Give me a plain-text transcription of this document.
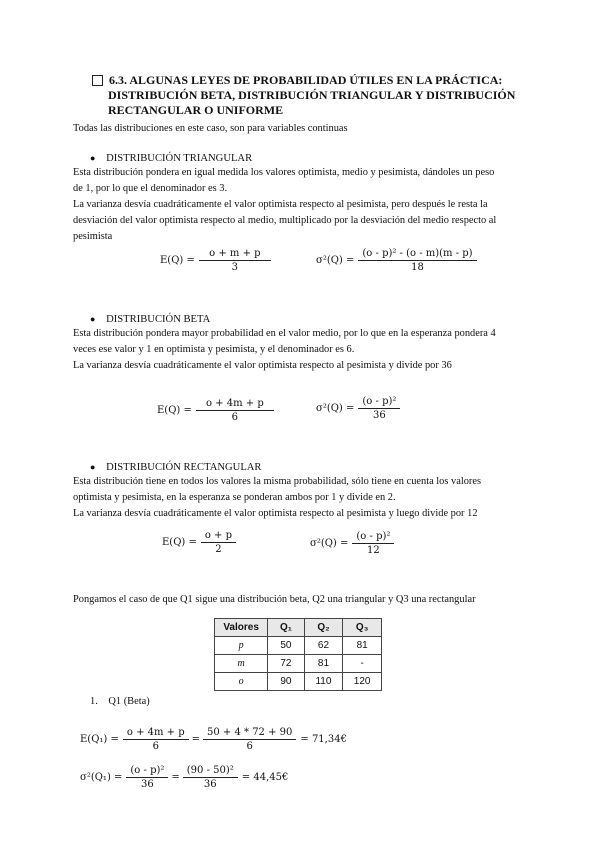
6.3. ALGUNAS LEYES DE PROBABILIDAD ÚTILES EN LA PRÁCTICA:
DISTRIBUCIÓN BETA, DISTRIBUCIÓN TRIANGULAR Y DISTRIBUCIÓN
RECTANGULAR O UNIFORME
Todas las distribuciones en este caso, son para variables continuas
● DISTRIBUCIÓN TRIANGULAR
Esta distribución pondera en igual medida los valores optimista, medio y pesimista, dándoles un peso
de 1, por lo que el denominador es 3.
La varianza desvía cuadráticamente el valor optimista respecto al pesimista, pero después le resta la
desviación del valor optimista respecto al medio, multiplicado por la desviación del medio respecto al
pesimista
$E(Q) = \frac{o + m + p}{3}$	$\sigma^2(Q) = \frac{\text{(o - p)² - (o - m)(m - p)}}{18}$
● DISTRIBUCIÓN BETA
Esta distribución pondera mayor probabilidad en el valor medio, por lo que en la esperanza pondera 4
veces ese valor y 1 en optimista y pesimista, y el denominador es 6.
La varianza desvía cuadráticamente el valor optimista respecto al pesimista y divide por 36
$E(Q) = \frac{o + 4m + p}{6}$	$\sigma^2(Q) = \frac{\text{(o - p)²}}{36}$
● DISTRIBUCIÓN RECTANGULAR
Esta distribución tiene en todos los valores la misma probabilidad, sólo tiene en cuenta los valores
optimista y pesimista, en la esperanza se ponderan ambos por 1 y divide en 2.
La varianza desvía cuadráticamente el valor optimista respecto al pesimista y luego divide por 12
$E(Q) = \frac{o + p}{2}$	$\sigma^2(Q) = \frac{\text{(o - p)²}}{12}$
Pongamos el caso de que Q1 sigue una distribución beta, Q2 una triangular y Q3 una rectangular
Valores	Q₁	Q₂	Q₃
p	50	62	81
m	72	81	-
o	90	110	120
1. Q1 (Beta)
$E(Q_1) = \frac{o + 4m + p}{6} = \frac{50 + 4 * 72 + 90}{6}$ = 71,34€
$\sigma^2(Q_1) = \frac{\text{(o - p)²}}{36} = \frac{\text{(90 - 50)²}}{36}$ = 44,45€
